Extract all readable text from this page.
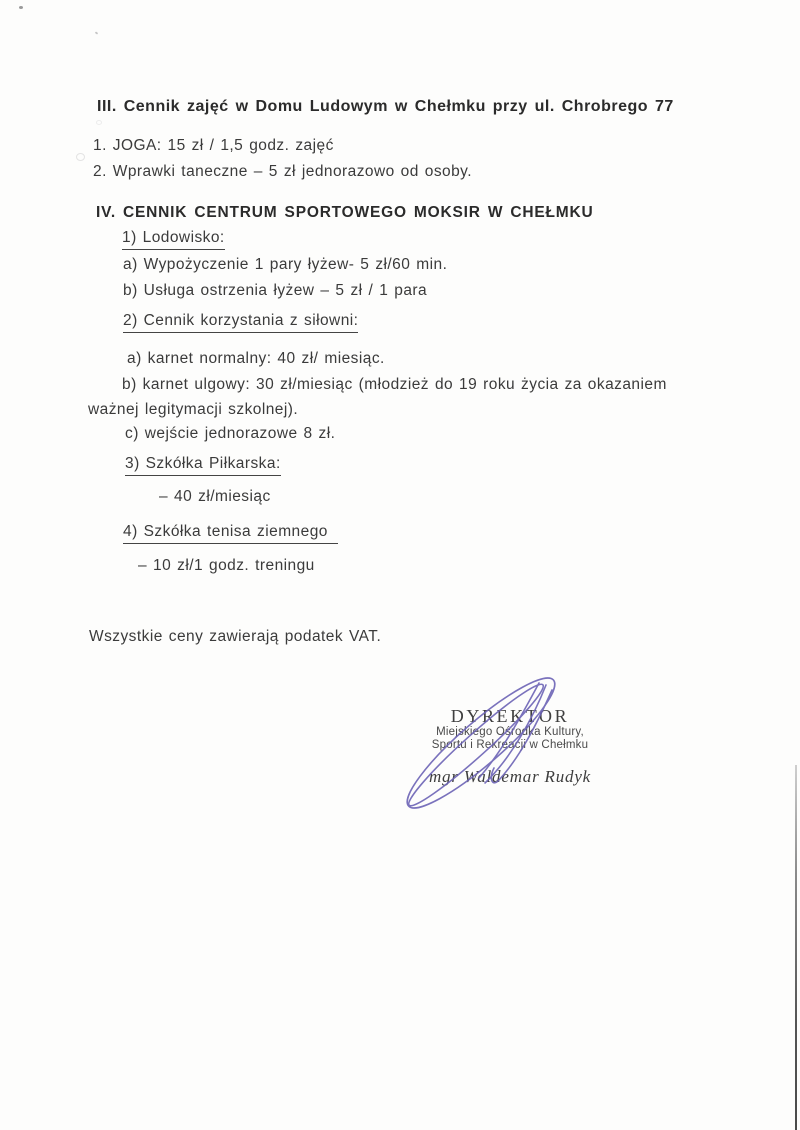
III. Cennik zajęć w Domu Ludowym w Chełmku przy ul. Chrobrego 77
1. JOGA: 15 zł / 1,5 godz. zajęć
2. Wprawki taneczne – 5 zł jednorazowo od osoby.
IV. CENNIK CENTRUM SPORTOWEGO MOKSIR W CHEŁMKU
1) Lodowisko:
a) Wypożyczenie 1 pary łyżew- 5 zł/60 min.
b) Usługa ostrzenia łyżew – 5 zł / 1 para
2) Cennik korzystania z siłowni:
a) karnet normalny: 40 zł/ miesiąc.
b) karnet ulgowy: 30 zł/miesiąc (młodzież do 19 roku życia za okazaniem
ważnej legitymacji szkolnej).
c) wejście jednorazowe 8 zł.
3) Szkółka Piłkarska:
– 40 zł/miesiąc
4) Szkółka tenisa ziemnego
– 10 zł/1 godz. treningu
Wszystkie ceny zawierają podatek VAT.
DYREKTOR
Miejskiego Ośrodka Kultury,
Sportu i Rekreacji w Chełmku
mgr Waldemar Rudyk
